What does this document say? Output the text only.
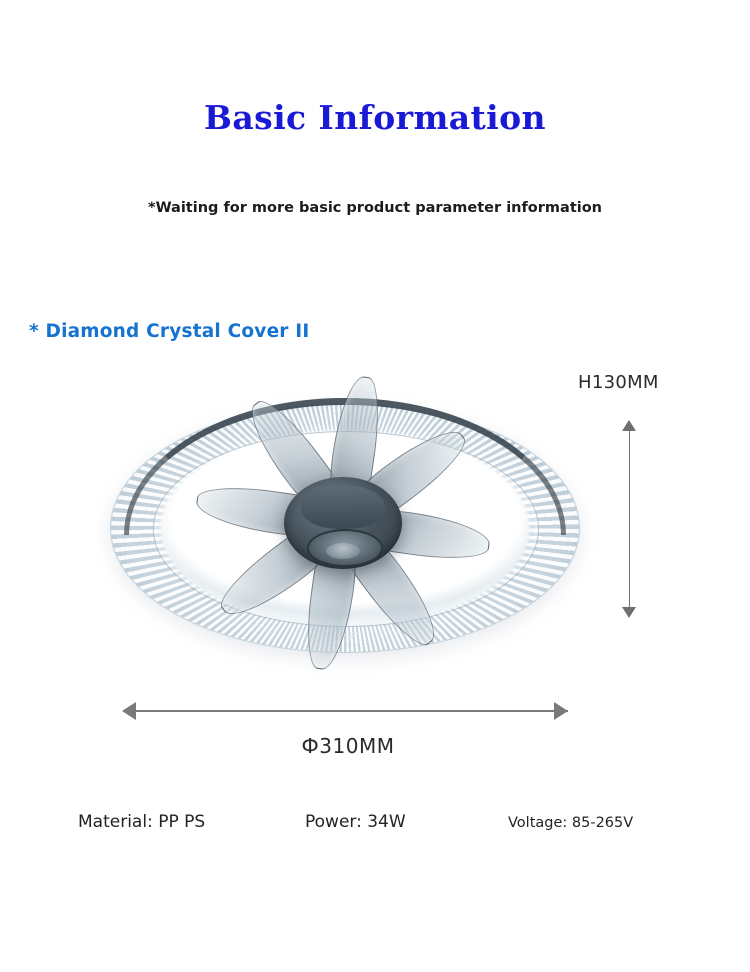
Basic Information
*Waiting for more basic product parameter information
* Diamond Crystal Cover II
H130MM
Ф310MM
Material: PP PS	Power: 34W	Voltage: 85-265V
